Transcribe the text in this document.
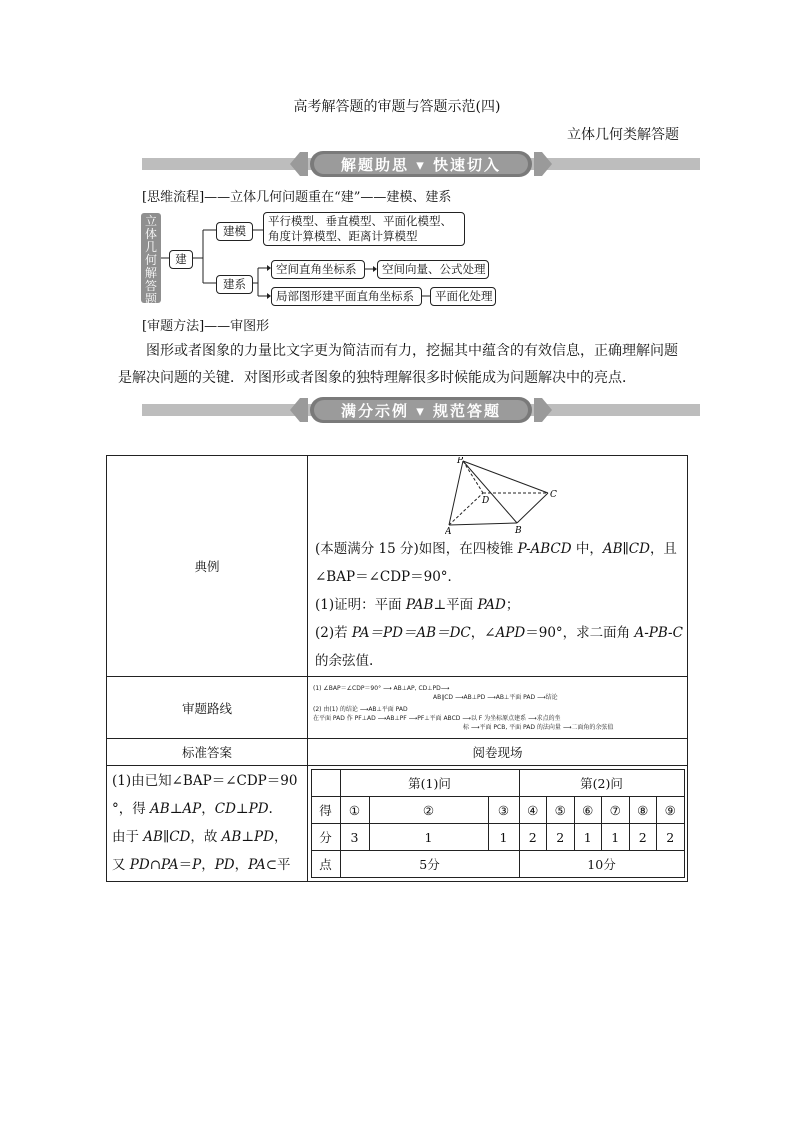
高考解答题的审题与答题示范(四)
立体几何类解答题
解题助思 ▾ 快速切入
[思维流程]——立体几何问题重在“建”——建模、建系
立体几何解答题
建
建模
平行模型、垂直模型、平面化模型、
角度计算模型、距离计算模型
建系
空间直角坐标系	空间向量、公式处理
局部图形建平面直角坐标系	平面化处理
[审题方法]——审图形
图形或者图象的力量比文字更为简洁而有力，挖掘其中蕴含的有效信息，正确理解问题是解决问题的关键．对图形或者图象的独特理解很多时候能成为问题解决中的亮点．
满分示例 ▾ 规范答题
典例	
P
D
C
A	B
(本题满分 15 分)如图，在四棱锥 P-ABCD 中，AB∥CD，且
∠BAP＝∠CDP＝90°．
(1)证明：平面 PAB⊥平面 PAD；
(2)若 PA＝PD＝AB＝DC，∠APD＝90°，求二面角 A-PB-C
的余弦值.

审题路线	
(1) ∠BAP＝∠CDP＝90° ⟶ AB⊥AP, CD⊥PD⟶
AB∥CD ⟶AB⊥PD ⟶AB⊥平面 PAD ⟶结论
(2) 由(1) 的结论 ⟶AB⊥平面 PAD
在平面 PAD 作 PF⊥AD ⟶AB⊥PF ⟶PF⊥平面 ABCD ⟶以 F 为坐标原点建系 ⟶求点的坐
标 ⟶平面 PCB, 平面 PAD 的法向量 ⟶二面角的余弦值

标准答案	阅卷现场

(1)由已知∠BAP＝∠CDP＝90
°，得 AB⊥AP，CD⊥PD.
由于 AB∥CD，故 AB⊥PD，
又 PD∩PA＝P，PD，PA⊂平

	第(1)问	第(2)问
得	①	②	③	④	⑤	⑥	⑦	⑧	⑨
分	3	1	1	2	2	1	1	2	2
点	5分	10分
